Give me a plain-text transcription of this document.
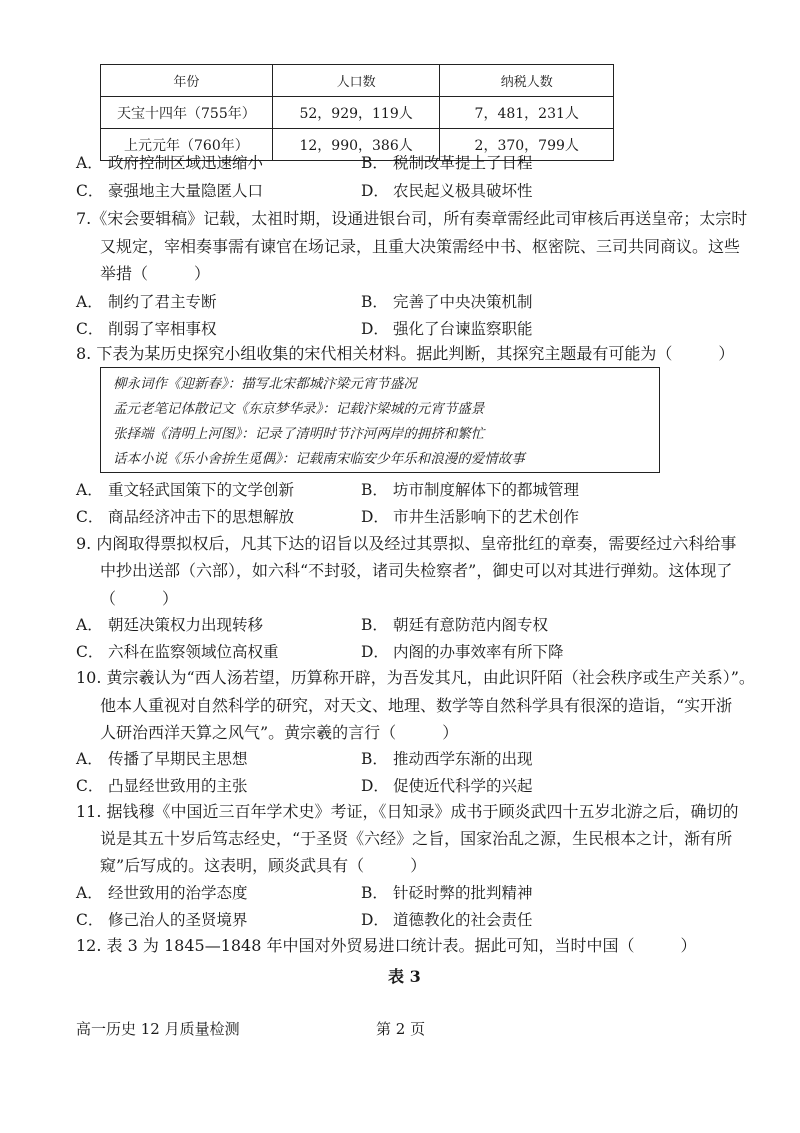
年份	人口数	纳税人数
天宝十四年（755年）	52，929，119人	7，481，231人
上元元年（760年）	12，990，386人	2，370，799人
A． 政府控制区域迅速缩小	B． 税制改革提上了日程
C． 豪强地主大量隐匿人口	D． 农民起义极具破坏性
7.《宋会要辑稿》记载，太祖时期，设通进银台司，所有奏章需经此司审核后再送皇帝；太宗时
又规定，宰相奏事需有谏官在场记录，且重大决策需经中书、枢密院、三司共同商议。这些
举措（	）
A． 制约了君主专断	B． 完善了中央决策机制
C． 削弱了宰相事权	D． 强化了台谏监察职能
8. 下表为某历史探究小组收集的宋代相关材料。据此判断，其探究主题最有可能为（	）
柳永词作《迎新春》：描写北宋都城汴梁元宵节盛况
孟元老笔记体散记文《东京梦华录》：记载汴梁城的元宵节盛景
张择端《清明上河图》：记录了清明时节汴河两岸的拥挤和繁忙
话本小说《乐小舍拚生觅偶》：记载南宋临安少年乐和浪漫的爱情故事
A． 重文轻武国策下的文学创新	B． 坊市制度解体下的都城管理
C． 商品经济冲击下的思想解放	D． 市井生活影响下的艺术创作
9. 内阁取得票拟权后，凡其下达的诏旨以及经过其票拟、皇帝批红的章奏，需要经过六科给事
中抄出送部（六部），如六科“不封驳，诸司失检察者”，御史可以对其进行弹劾。这体现了
（	）
A． 朝廷决策权力出现转移	B． 朝廷有意防范内阁专权
C． 六科在监察领域位高权重	D． 内阁的办事效率有所下降
10. 黄宗羲认为“西人汤若望，历算称开辟，为吾发其凡，由此识阡陌（社会秩序或生产关系）”。
他本人重视对自然科学的研究，对天文、地理、数学等自然科学具有很深的造诣，“实开浙
人研治西洋天算之风气”。黄宗羲的言行（	）
A． 传播了早期民主思想	B． 推动西学东渐的出现
C． 凸显经世致用的主张	D． 促使近代科学的兴起
11. 据钱穆《中国近三百年学术史》考证，《日知录》成书于顾炎武四十五岁北游之后，确切的
说是其五十岁后笃志经史，“于圣贤《六经》之旨，国家治乱之源，生民根本之计，渐有所
窥”后写成的。这表明，顾炎武具有（	）
A． 经世致用的治学态度	B． 针砭时弊的批判精神
C． 修己治人的圣贤境界	D． 道德教化的社会责任
12. 表 3 为 1845—1848 年中国对外贸易进口统计表。据此可知，当时中国（	）
表 3
高一历史 12 月质量检测	第 2 页
